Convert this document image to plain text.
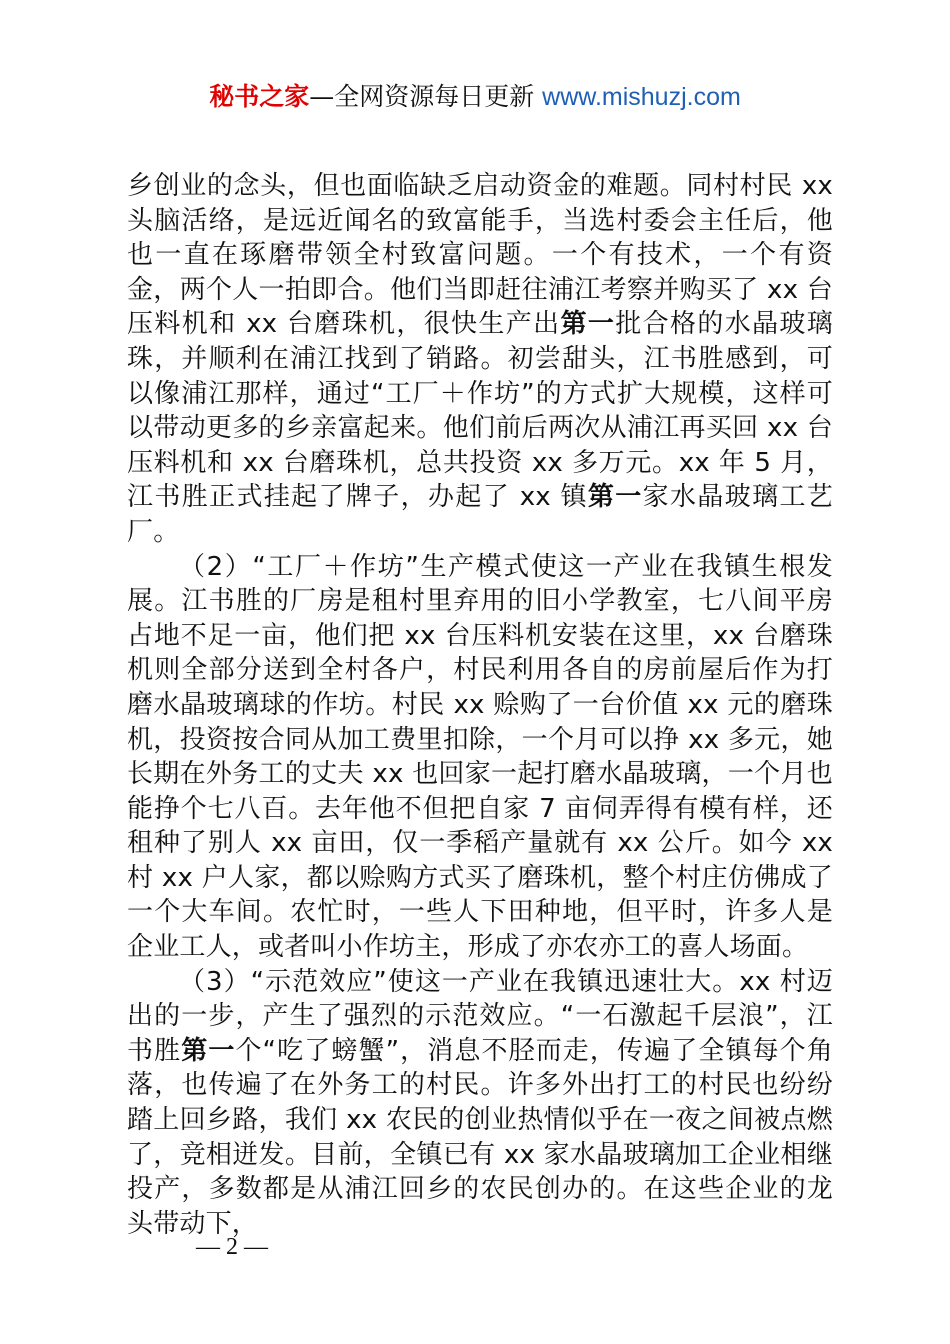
秘书之家—全网资源每日更新 www.mishuzj.com

乡创业的念头，但也面临缺乏启动资金的难题。同村村民 xx 头脑活络，是远近闻名的致富能手，当选村委会主任后，他也一直在琢磨带领全村致富问题。一个有技术，一个有资金，两个人一拍即合。他们当即赶往浦江考察并购买了 xx 台压料机和 xx 台磨珠机，很快生产出第一批合格的水晶玻璃珠，并顺利在浦江找到了销路。初尝甜头，江书胜感到，可以像浦江那样，通过“工厂＋作坊”的方式扩大规模，这样可以带动更多的乡亲富起来。他们前后两次从浦江再买回 xx 台压料机和 xx 台磨珠机，总共投资 xx 多万元。xx 年 5 月，江书胜正式挂起了牌子，办起了 xx 镇第一家水晶玻璃工艺厂。

（2）“工厂＋作坊”生产模式使这一产业在我镇生根发展。江书胜的厂房是租村里弃用的旧小学教室，七八间平房占地不足一亩，他们把 xx 台压料机安装在这里，xx 台磨珠机则全部分送到全村各户，村民利用各自的房前屋后作为打磨水晶玻璃球的作坊。村民 xx 赊购了一台价值 xx 元的磨珠机，投资按合同从加工费里扣除，一个月可以挣 xx 多元，她长期在外务工的丈夫 xx 也回家一起打磨水晶玻璃，一个月也能挣个七八百。去年他不但把自家 7 亩伺弄得有模有样，还租种了别人 xx 亩田，仅一季稻产量就有 xx 公斤。如今 xx 村 xx 户人家，都以赊购方式买了磨珠机，整个村庄仿佛成了一个大车间。农忙时，一些人下田种地，但平时，许多人是企业工人，或者叫小作坊主，形成了亦农亦工的喜人场面。

（3）“示范效应”使这一产业在我镇迅速壮大。xx 村迈出的一步，产生了强烈的示范效应。“一石激起千层浪”，江书胜第一个“吃了螃蟹”，消息不胫而走，传遍了全镇每个角落，也传遍了在外务工的村民。许多外出打工的村民也纷纷踏上回乡路，我们 xx 农民的创业热情似乎在一夜之间被点燃了，竞相迸发。目前，全镇已有 xx 家水晶玻璃加工企业相继投产，多数都是从浦江回乡的农民创办的。在这些企业的龙头带动下，

— 2 —
